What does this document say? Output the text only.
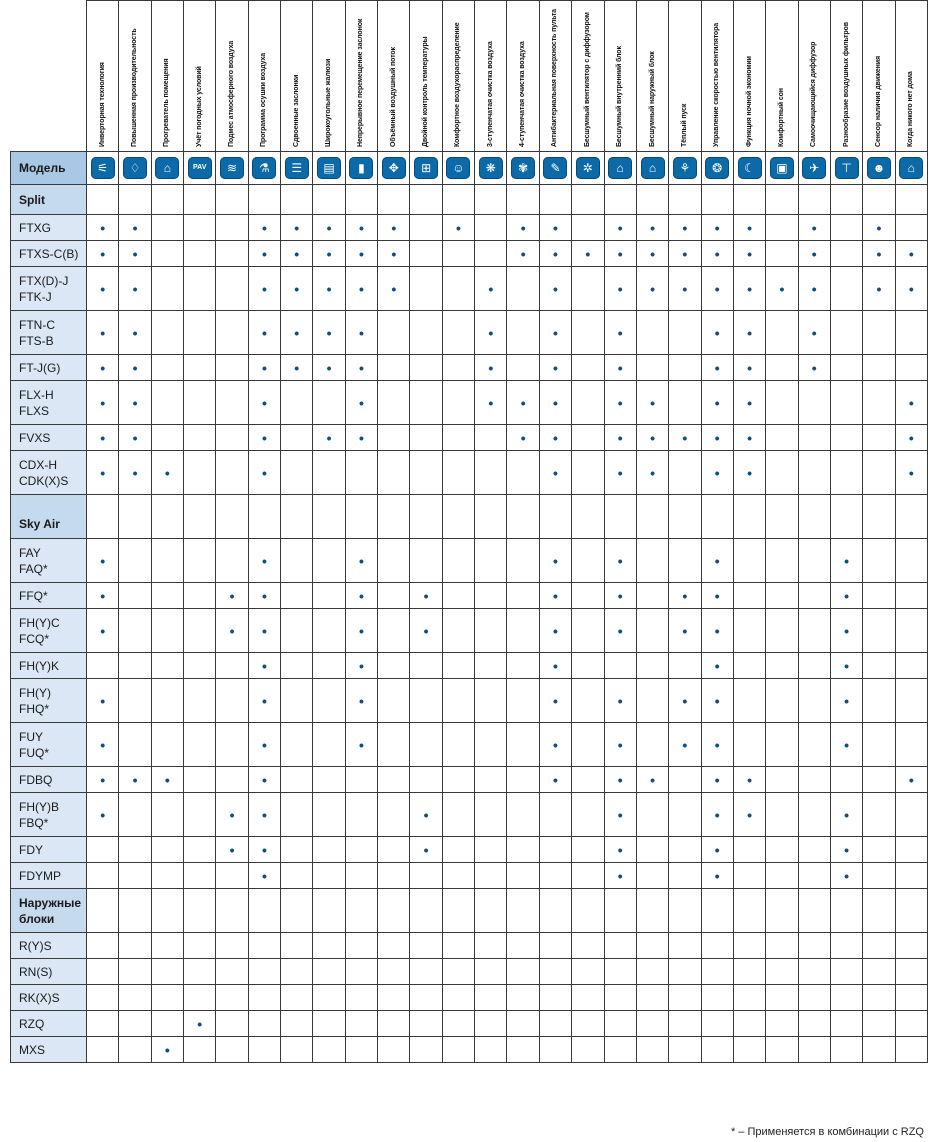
	Инверторная технология	Повышенная производительность	Прогреватель помещения	Учёт погодных условий	Подмес атмосферного воздуха	Программа осушки воздуха	Сдвоенные заслонки	Широкоугольные жалюзи	Непрерывное перемещение заслонок	Объёмный воздушный поток	Двойной контроль температуры	Комфортное воздухораспределение	3-ступенчатая очистка воздуха	4-ступенчатая очистка воздуха	Антибактериальная поверхность пульта	Бесшумный вентилятор с диффузором	Бесшумный внутренний блок	Бесшумный наружный блок	Тёплый пуск	Управление скоростью вентилятора	Функция ночной экономии	Комфортный сон	Самоочищающийся диффузор	Разнообразие воздушных фильтров	Сенсор наличия движения	Когда никого нет дома

Модель	⚟	♢	⌂	PAV	≋	⚗	☰	▤	▮	✥	⊞	☺	❋	✾	✎	✲	⌂	⌂	⚘	❂	☾	▣	✈	⊤	☻	⌂

Split																										

FTXG	•	•				•	•	•	•	•		•		•	•		•	•	•	•	•		•		•	

FTXS-C(B)	•	•				•	•	•	•	•				•	•	•	•	•	•	•	•		•		•	•

FTX(D)-J
FTK-J	•	•				•	•	•	•	•			•		•		•	•	•	•	•	•	•		•	•

FTN-C
FTS-B	•	•				•	•	•	•				•		•		•			•	•		•			

FT-J(G)	•	•				•	•	•	•				•		•		•			•	•		•			

FLX-H
FLXS	•	•				•			•				•	•	•		•	•		•	•					•

FVXS	•	•				•		•	•					•	•		•	•	•	•	•					•

CDX-H
CDK(X)S	•	•	•			•									•		•	•		•	•					•

Sky Air																										

FAY
FAQ*	•					•			•						•		•			•				•		

FFQ*	•				•	•			•		•				•		•		•	•				•		

FH(Y)C
FCQ*	•				•	•			•		•				•		•		•	•				•		

FH(Y)K						•			•						•					•				•		

FH(Y)
FHQ*	•					•			•						•		•		•	•				•		

FUY
FUQ*	•					•			•						•		•		•	•				•		

FDBQ	•	•	•			•									•		•	•		•	•					•

FH(Y)B
FBQ*	•				•	•					•						•			•	•			•		

FDY					•	•					•						•			•				•		

FDYMP						•											•			•				•		

Наружные
блоки																										

R(Y)S																										

RN(S)																										

RK(X)S																										

RZQ				•																						

MXS			•																							
* – Применяется в комбинации с RZQ
